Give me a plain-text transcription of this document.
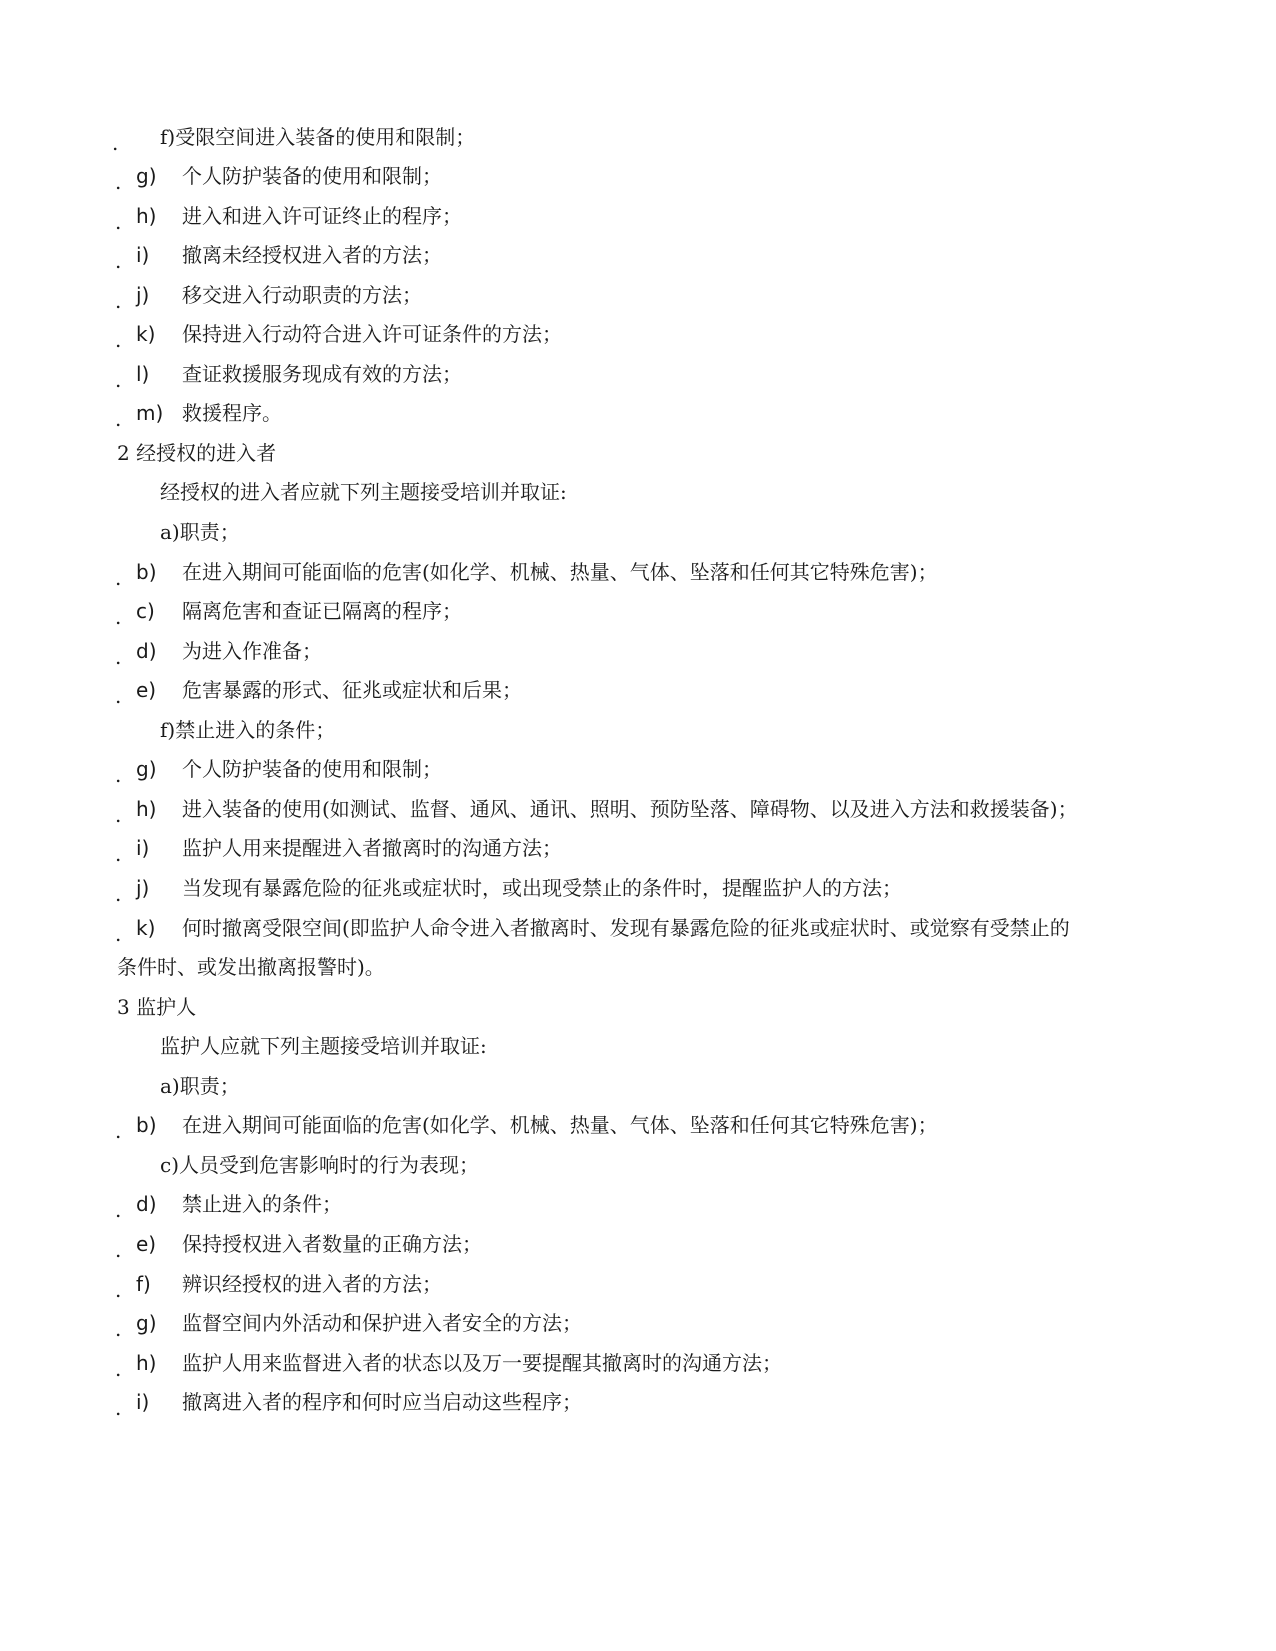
. f)受限空间进入装备的使用和限制；
. g) 个人防护装备的使用和限制；
. h) 进入和进入许可证终止的程序；
. i) 撤离未经授权进入者的方法；
. j) 移交进入行动职责的方法；
. k) 保持进入行动符合进入许可证条件的方法；
. l) 查证救援服务现成有效的方法；
. m) 救援程序。
2 经授权的进入者
经授权的进入者应就下列主题接受培训并取证:
a)职责；
. b) 在进入期间可能面临的危害(如化学、机械、热量、气体、坠落和任何其它特殊危害)；
. c) 隔离危害和查证已隔离的程序；
. d) 为进入作准备；
. e) 危害暴露的形式、征兆或症状和后果；
f)禁止进入的条件；
. g) 个人防护装备的使用和限制；
. h) 进入装备的使用(如测试、监督、通风、通讯、照明、预防坠落、障碍物、以及进入方法和救援装备)；
. i) 监护人用来提醒进入者撤离时的沟通方法；
. j) 当发现有暴露危险的征兆或症状时，或出现受禁止的条件时，提醒监护人的方法；
. k) 何时撤离受限空间(即监护人命令进入者撤离时、发现有暴露危险的征兆或症状时、或觉察有受禁止的
条件时、或发出撤离报警时)。
3 监护人
监护人应就下列主题接受培训并取证:
a)职责；
. b) 在进入期间可能面临的危害(如化学、机械、热量、气体、坠落和任何其它特殊危害)；
c)人员受到危害影响时的行为表现；
. d) 禁止进入的条件；
. e) 保持授权进入者数量的正确方法；
. f) 辨识经授权的进入者的方法；
. g) 监督空间内外活动和保护进入者安全的方法；
. h) 监护人用来监督进入者的状态以及万一要提醒其撤离时的沟通方法；
. i) 撤离进入者的程序和何时应当启动这些程序；
